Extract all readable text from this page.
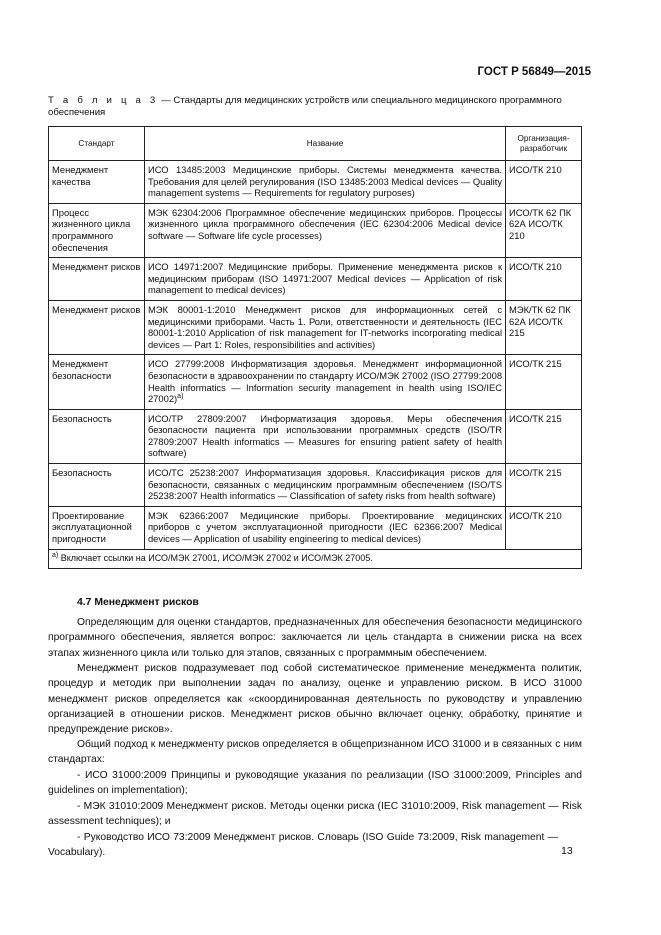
ГОСТ Р 56849—2015
Т а б л и ц а 3 — Стандарты для медицинских устройств или специального медицинского программного обеспечения
Стандарт	Название	Организация-разработчик
Менеджмент качества	ИСО 13485:2003 Медицинские приборы. Системы менеджмента качества. Требования для целей регулирования (ISO 13485:2003 Medical devices — Quality management systems — Requirements for regulatory purposes)	ИСО/ТК 210
Процесс жизненного цикла программного обеспечения	МЭК 62304:2006 Программное обеспечение медицинских приборов. Процессы жизненного цикла программного обеспечения (IEC 62304:2006 Medical device software — Software life cycle processes)	ИСО/ТК 62 ПК 62А ИСО/ТК 210
Менеджмент рисков	ИСО 14971:2007 Медицинские приборы. Применение менеджмента рисков к медицинским приборам (ISO 14971:2007 Medical devices — Application of risk management to medical devices)	ИСО/ТК 210
Менеджмент рисков	МЭК 80001-1:2010 Менеджмент рисков для информационных сетей с медицинскими приборами. Часть 1. Роли, ответственности и деятельность (IEC 80001-1:2010 Application of risk management for IT-networks incorporating medical devices — Part 1: Roles, responsibilities and activities)	МЭК/ТК 62 ПК 62А ИСО/ТК 215
Менеджмент безопасности	ИСО 27799:2008 Информатизация здоровья. Менеджмент информационной безопасности в здравоохранении по стандарту ИСО/МЭК 27002 (ISO 27799:2008 Health informatics — Information security management in health using ISO/IEC 27002)$^{а)}$	ИСО/ТК 215
Безопасность	ИСО/ТР 27809:2007 Информатизация здоровья. Меры обеспечения безопасности пациента при использовании программных средств (ISO/TR 27809:2007 Health informatics — Measures for ensuring patient safety of health software)	ИСО/ТК 215
Безопасность	ИСО/ТС 25238:2007 Информатизация здоровья. Классификация рисков для безопасности, связанных с медицинским программным обеспечением (ISO/TS 25238:2007 Health informatics — Classification of safety risks from health software)	ИСО/ТК 215
Проектирование эксплуатационной пригодности	МЭК 62366:2007 Медицинские приборы. Проектирование медицинских приборов с учетом эксплуатационной пригодности (IEC 62366:2007 Medical devices — Application of usability engineering to medical devices)	ИСО/ТК 210
$^{а)}$ Включает ссылки на ИСО/МЭК 27001, ИСО/МЭК 27002 и ИСО/МЭК 27005.		
4.7 Менеджмент рисков

Определяющим для оценки стандартов, предназначенных для обеспечения безопасности медицинского программного обеспечения, является вопрос: заключается ли цель стандарта в снижении риска на всех этапах жизненного цикла или только для этапов, связанных с программным обеспечением.

Менеджмент рисков подразумевает под собой систематическое применение менеджмента политик, процедур и методик при выполнении задач по анализу, оценке и управлению риском. В ИСО 31000 менеджмент рисков определяется как «скоординированная деятельность по руководству и управлению организацией в отношении рисков. Менеджмент рисков обычно включает оценку, обработку, принятие и предупреждение рисков».

Общий подход к менеджменту рисков определяется в общепризнанном ИСО 31000 и в связанных с ним стандартах:

- ИСО 31000:2009 Принципы и руководящие указания по реализации (ISO 31000:2009, Principles and guidelines on implementation);

- МЭК 31010:2009 Менеджмент рисков. Методы оценки риска (IEC 31010:2009, Risk management — Risk assessment techniques); и

- Руководство ИСО 73:2009 Менеджмент рисков. Словарь (ISO Guide 73:2009, Risk management — Vocabulary).	13
